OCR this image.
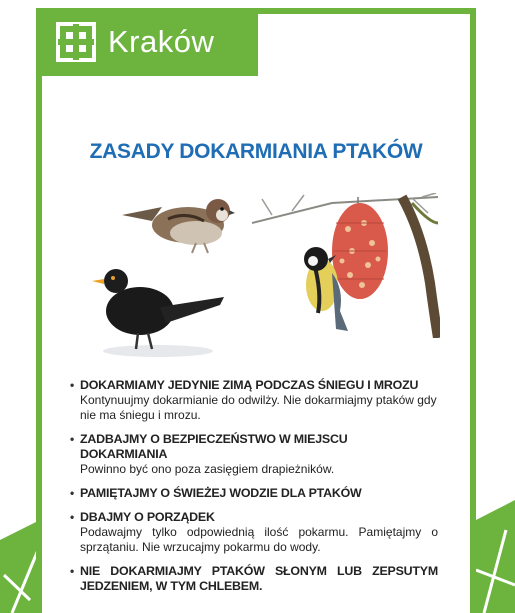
Kraków
ZASADY DOKARMIANIA PTAKÓW
• DOKARMIAMY JEDYNIE ZIMĄ PODCZAS ŚNIEGU I MROZU
Kontynuujmy dokarmianie do odwilży. Nie dokarmiajmy ptaków gdy nie ma śniegu i mrozu.
• ZADBAJMY O BEZPIECZEŃSTWO W MIEJSCU DOKARMIANIA
Powinno być ono poza zasięgiem drapieżników.
• PAMIĘTAJMY O ŚWIEŻEJ WODZIE DLA PTAKÓW
• DBAJMY O PORZĄDEK
Podawajmy tylko odpowiednią ilość pokarmu. Pamiętajmy o sprzątaniu. Nie wrzucajmy pokarmu do wody.
• NIE DOKARMIAJMY PTAKÓW SŁONYM LUB ZEPSUTYM JEDZENIEM, W TYM CHLEBEM.
